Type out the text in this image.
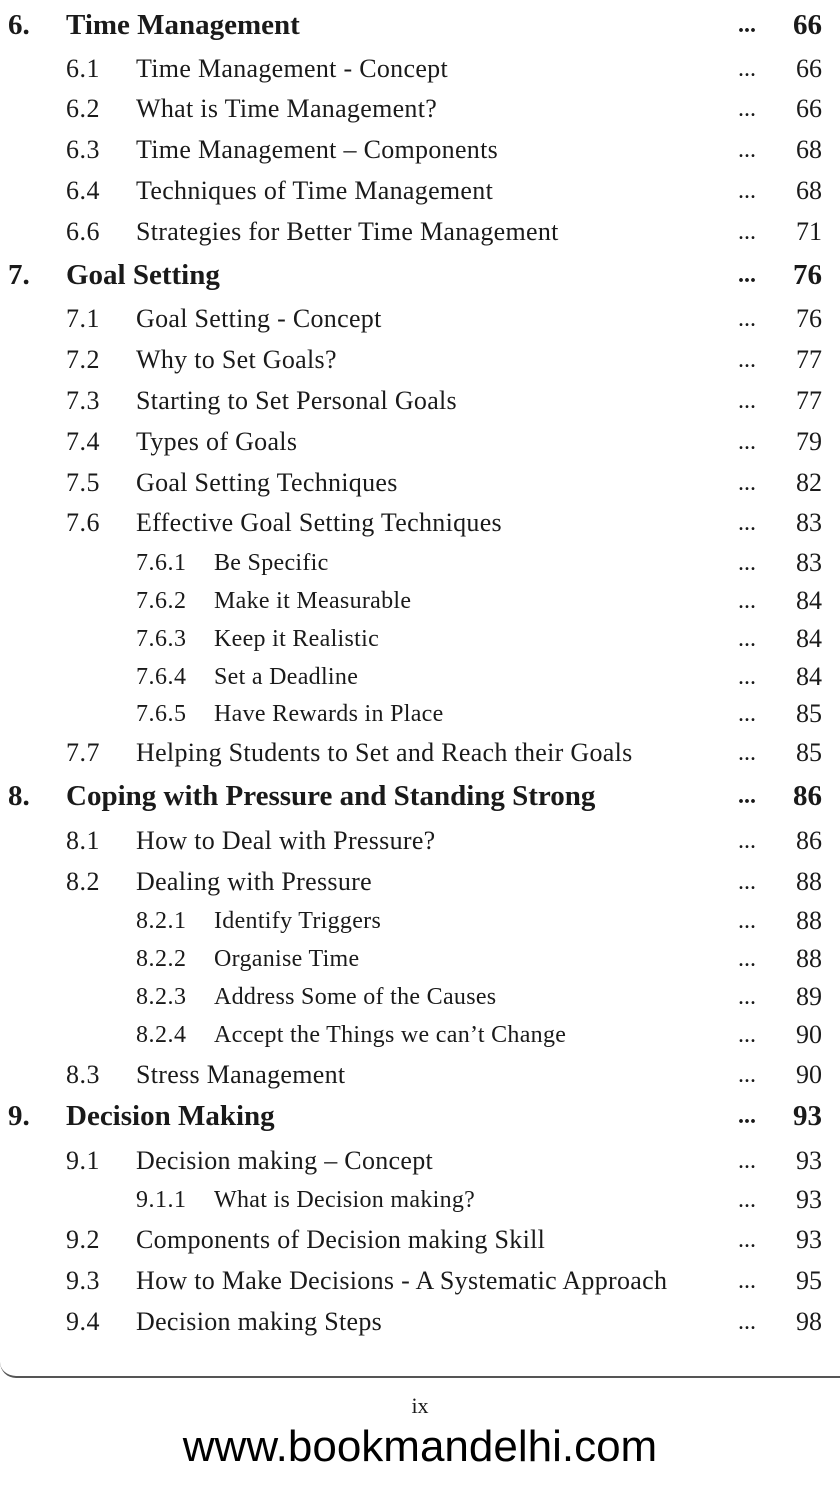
6. Time Management	... 66
6.1 Time Management - Concept	... 66
6.2 What is Time Management?	... 66
6.3 Time Management – Components	... 68
6.4 Techniques of Time Management	... 68
6.6 Strategies for Better Time Management	... 71
7. Goal Setting	... 76
7.1 Goal Setting - Concept	... 76
7.2 Why to Set Goals?	... 77
7.3 Starting to Set Personal Goals	... 77
7.4 Types of Goals	... 79
7.5 Goal Setting Techniques	... 82
7.6 Effective Goal Setting Techniques	... 83
7.6.1 Be Specific	... 83
7.6.2 Make it Measurable	... 84
7.6.3 Keep it Realistic	... 84
7.6.4 Set a Deadline	... 84
7.6.5 Have Rewards in Place	... 85
7.7 Helping Students to Set and Reach their Goals	... 85
8. Coping with Pressure and Standing Strong	... 86
8.1 How to Deal with Pressure?	... 86
8.2 Dealing with Pressure	... 88
8.2.1 Identify Triggers	... 88
8.2.2 Organise Time	... 88
8.2.3 Address Some of the Causes	... 89
8.2.4 Accept the Things we can’t Change	... 90
8.3 Stress Management	... 90
9. Decision Making	... 93
9.1 Decision making – Concept	... 93
9.1.1 What is Decision making?	... 93
9.2 Components of Decision making Skill	... 93
9.3 How to Make Decisions - A Systematic Approach	... 95
9.4 Decision making Steps	... 98
ix
www.bookmandelhi.com
